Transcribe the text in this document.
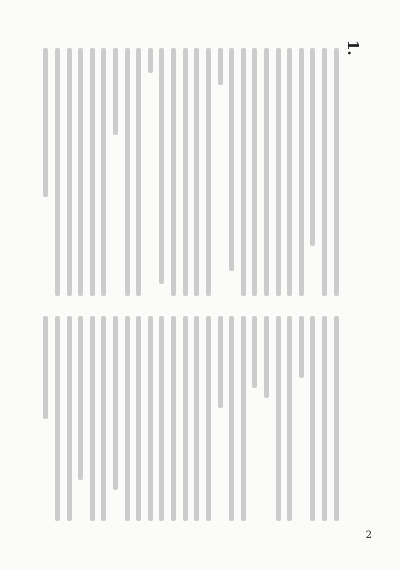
1.
2
